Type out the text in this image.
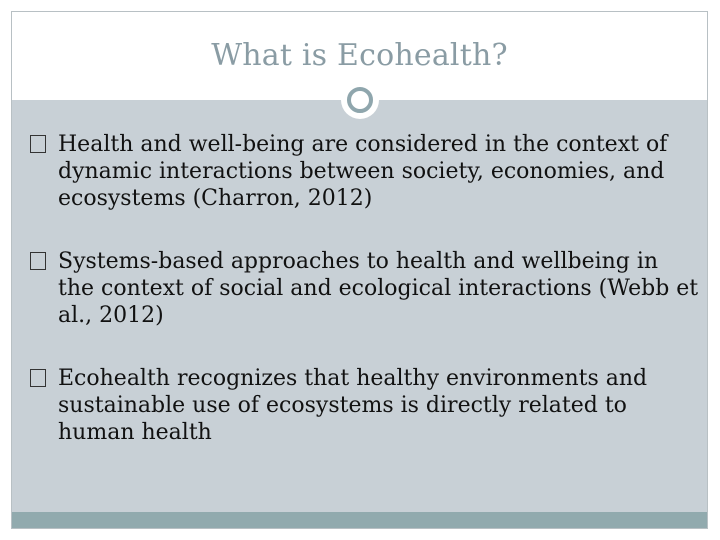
What is Ecohealth?
Health and well-being are considered in the context of dynamic interactions between society, economies, and ecosystems (Charron, 2012)
Systems-based approaches to health and wellbeing in the context of social and ecological interactions (Webb et al., 2012)
Ecohealth recognizes that healthy environments and sustainable use of ecosystems is directly related to human health
